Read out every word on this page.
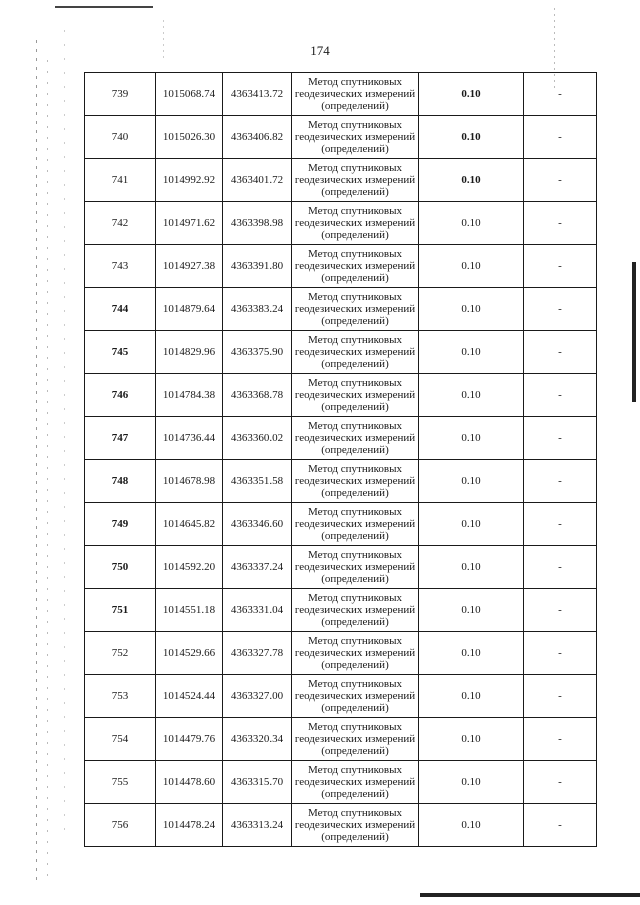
174
739	1015068.74	4363413.72	Метод спутниковых
геодезических измерений
(определений)	0.10	-
740	1015026.30	4363406.82	Метод спутниковых
геодезических измерений
(определений)	0.10	-
741	1014992.92	4363401.72	Метод спутниковых
геодезических измерений
(определений)	0.10	-
742	1014971.62	4363398.98	Метод спутниковых
геодезических измерений
(определений)	0.10	-
743	1014927.38	4363391.80	Метод спутниковых
геодезических измерений
(определений)	0.10	-
744	1014879.64	4363383.24	Метод спутниковых
геодезических измерений
(определений)	0.10	-
745	1014829.96	4363375.90	Метод спутниковых
геодезических измерений
(определений)	0.10	-
746	1014784.38	4363368.78	Метод спутниковых
геодезических измерений
(определений)	0.10	-
747	1014736.44	4363360.02	Метод спутниковых
геодезических измерений
(определений)	0.10	-
748	1014678.98	4363351.58	Метод спутниковых
геодезических измерений
(определений)	0.10	-
749	1014645.82	4363346.60	Метод спутниковых
геодезических измерений
(определений)	0.10	-
750	1014592.20	4363337.24	Метод спутниковых
геодезических измерений
(определений)	0.10	-
751	1014551.18	4363331.04	Метод спутниковых
геодезических измерений
(определений)	0.10	-
752	1014529.66	4363327.78	Метод спутниковых
геодезических измерений
(определений)	0.10	-
753	1014524.44	4363327.00	Метод спутниковых
геодезических измерений
(определений)	0.10	-
754	1014479.76	4363320.34	Метод спутниковых
геодезических измерений
(определений)	0.10	-
755	1014478.60	4363315.70	Метод спутниковых
геодезических измерений
(определений)	0.10	-
756	1014478.24	4363313.24	Метод спутниковых
геодезических измерений
(определений)	0.10	-
